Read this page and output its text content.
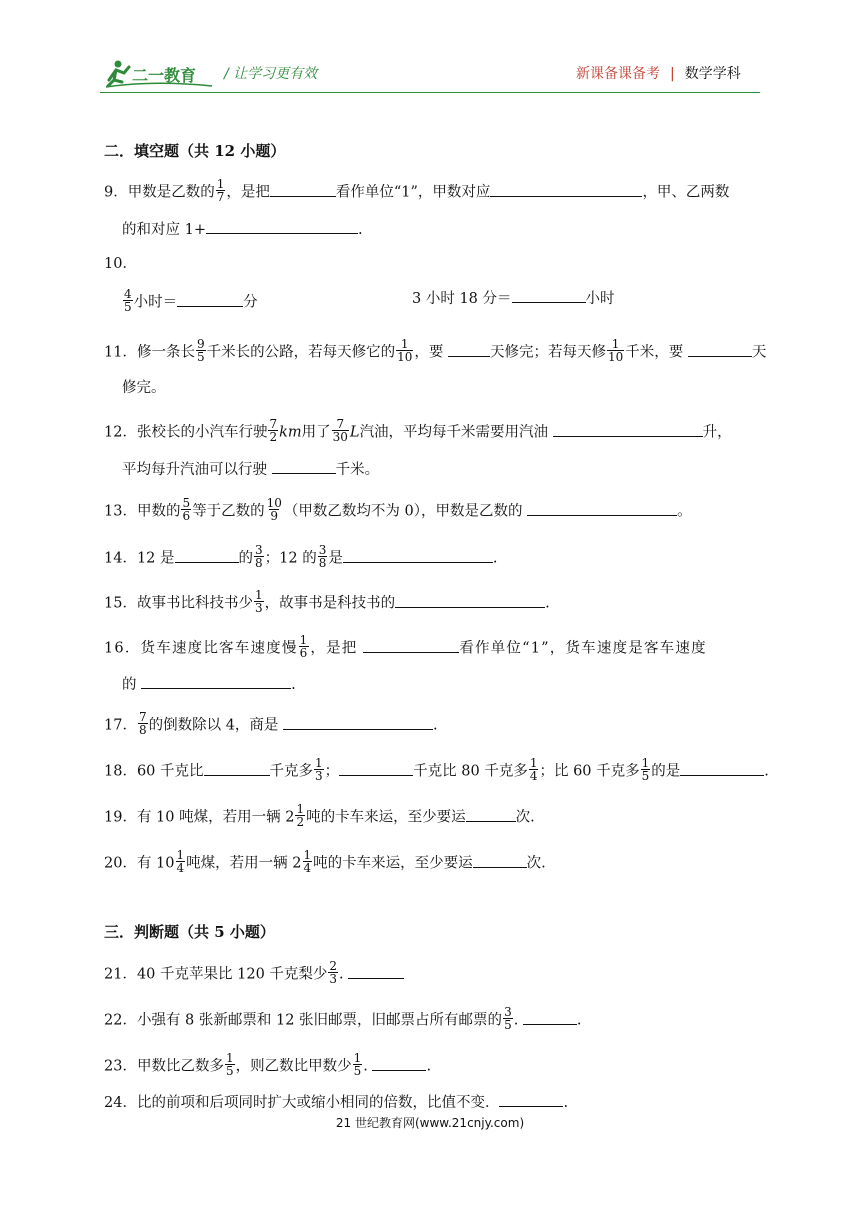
二一教育 / 让学习更有效	新课备课备考 | 数学学科
二．填空题（共 12 小题）
9．甲数是乙数的 $\frac{1}{7}$ ，是把	看作单位“1”，甲数对应	，甲、乙两数
的和对应 1+	.
10．
$\frac{4}{5}$ 小时＝	分	3 小时 18 分＝	小时
11．修一条长 $\frac{9}{5}$ 千米长的公路，若每天修它的 $\frac{1}{10}$ ，要	天修完；若每天修 $\frac{1}{10}$ 千米，要	天
修完。
12．张校长的小汽车行驶 $\frac{7}{2}$ km用了 $\frac{7}{30}$ L汽油，平均每千米需要用汽油	升，
平均每升汽油可以行驶	千米。
13．甲数的 $\frac{5}{6}$ 等于乙数的 $\frac{10}{9}$ （甲数乙数均不为 0），甲数是乙数的	。
14．12 是	的 $\frac{3}{8}$ ；12 的 $\frac{3}{8}$ 是	.
15．故事书比科技书少 $\frac{1}{3}$ ，故事书是科技书的	.
16．货车速度比客车速度慢 $\frac{1}{6}$ ，是把	看作单位“1”，货车速度是客车速度
的	.
17． $\frac{7}{8}$ 的倒数除以 4，商是	.
18．60 千克比	千克多 $\frac{1}{3}$ ；	千克比 80 千克多 $\frac{1}{4}$ ；比 60 千克多 $\frac{1}{5}$ 的是	.
19．有 10 吨煤，若用一辆 $2 \frac{1}{2}$ 吨的卡车来运，至少要运	次.
20．有 $10 \frac{1}{4}$ 吨煤，若用一辆 $2 \frac{1}{4}$ 吨的卡车来运，至少要运	次.
三．判断题（共 5 小题）
21．40 千克苹果比 120 千克梨少 $\frac{2}{3}$ .
22．小强有 8 张新邮票和 12 张旧邮票，旧邮票占所有邮票的 $\frac{3}{5}$ .	.
23．甲数比乙数多 $\frac{1}{5}$ ，则乙数比甲数少 $\frac{1}{5}$ .	.
24．比的前项和后项同时扩大或缩小相同的倍数，比值不变．	.
21 世纪教育网(www.21cnjy.com)
